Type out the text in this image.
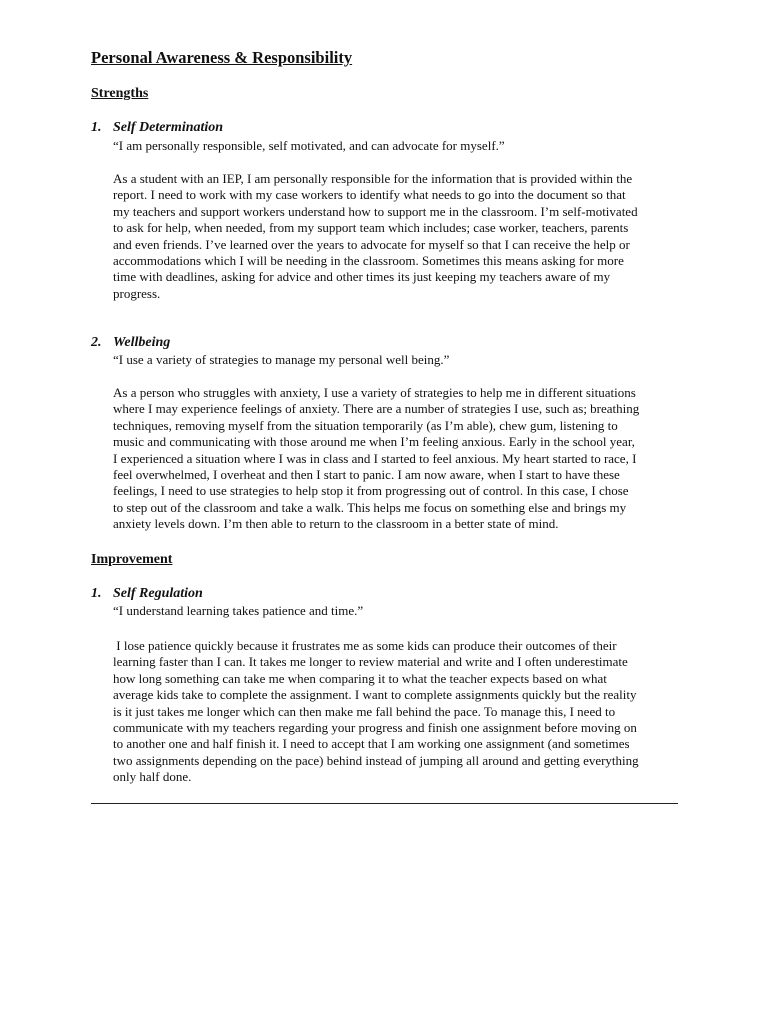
Personal Awareness & Responsibility
Strengths
1. Self Determination
“I am personally responsible, self motivated, and can advocate for myself.”
As a student with an IEP, I am personally responsible for the information that is provided within the
report. I need to work with my case workers to identify what needs to go into the document so that
my teachers and support workers understand how to support me in the classroom. I’m self-motivated
to ask for help, when needed, from my support team which includes; case worker, teachers, parents
and even friends. I’ve learned over the years to advocate for myself so that I can receive the help or
accommodations which I will be needing in the classroom. Sometimes this means asking for more
time with deadlines, asking for advice and other times its just keeping my teachers aware of my
progress.
2. Wellbeing
“I use a variety of strategies to manage my personal well being.”
As a person who struggles with anxiety, I use a variety of strategies to help me in different situations
where I may experience feelings of anxiety. There are a number of strategies I use, such as; breathing
techniques, removing myself from the situation temporarily (as I’m able), chew gum, listening to
music and communicating with those around me when I’m feeling anxious. Early in the school year,
I experienced a situation where I was in class and I started to feel anxious. My heart started to race, I
feel overwhelmed, I overheat and then I start to panic. I am now aware, when I start to have these
feelings, I need to use strategies to help stop it from progressing out of control. In this case, I chose
to step out of the classroom and take a walk. This helps me focus on something else and brings my
anxiety levels down. I’m then able to return to the classroom in a better state of mind.
Improvement
1. Self Regulation
“I understand learning takes patience and time.”
I lose patience quickly because it frustrates me as some kids can produce their outcomes of their
learning faster than I can. It takes me longer to review material and write and I often underestimate
how long something can take me when comparing it to what the teacher expects based on what
average kids take to complete the assignment. I want to complete assignments quickly but the reality
is it just takes me longer which can then make me fall behind the pace. To manage this, I need to
communicate with my teachers regarding your progress and finish one assignment before moving on
to another one and half finish it. I need to accept that I am working one assignment (and sometimes
two assignments depending on the pace) behind instead of jumping all around and getting everything
only half done.
